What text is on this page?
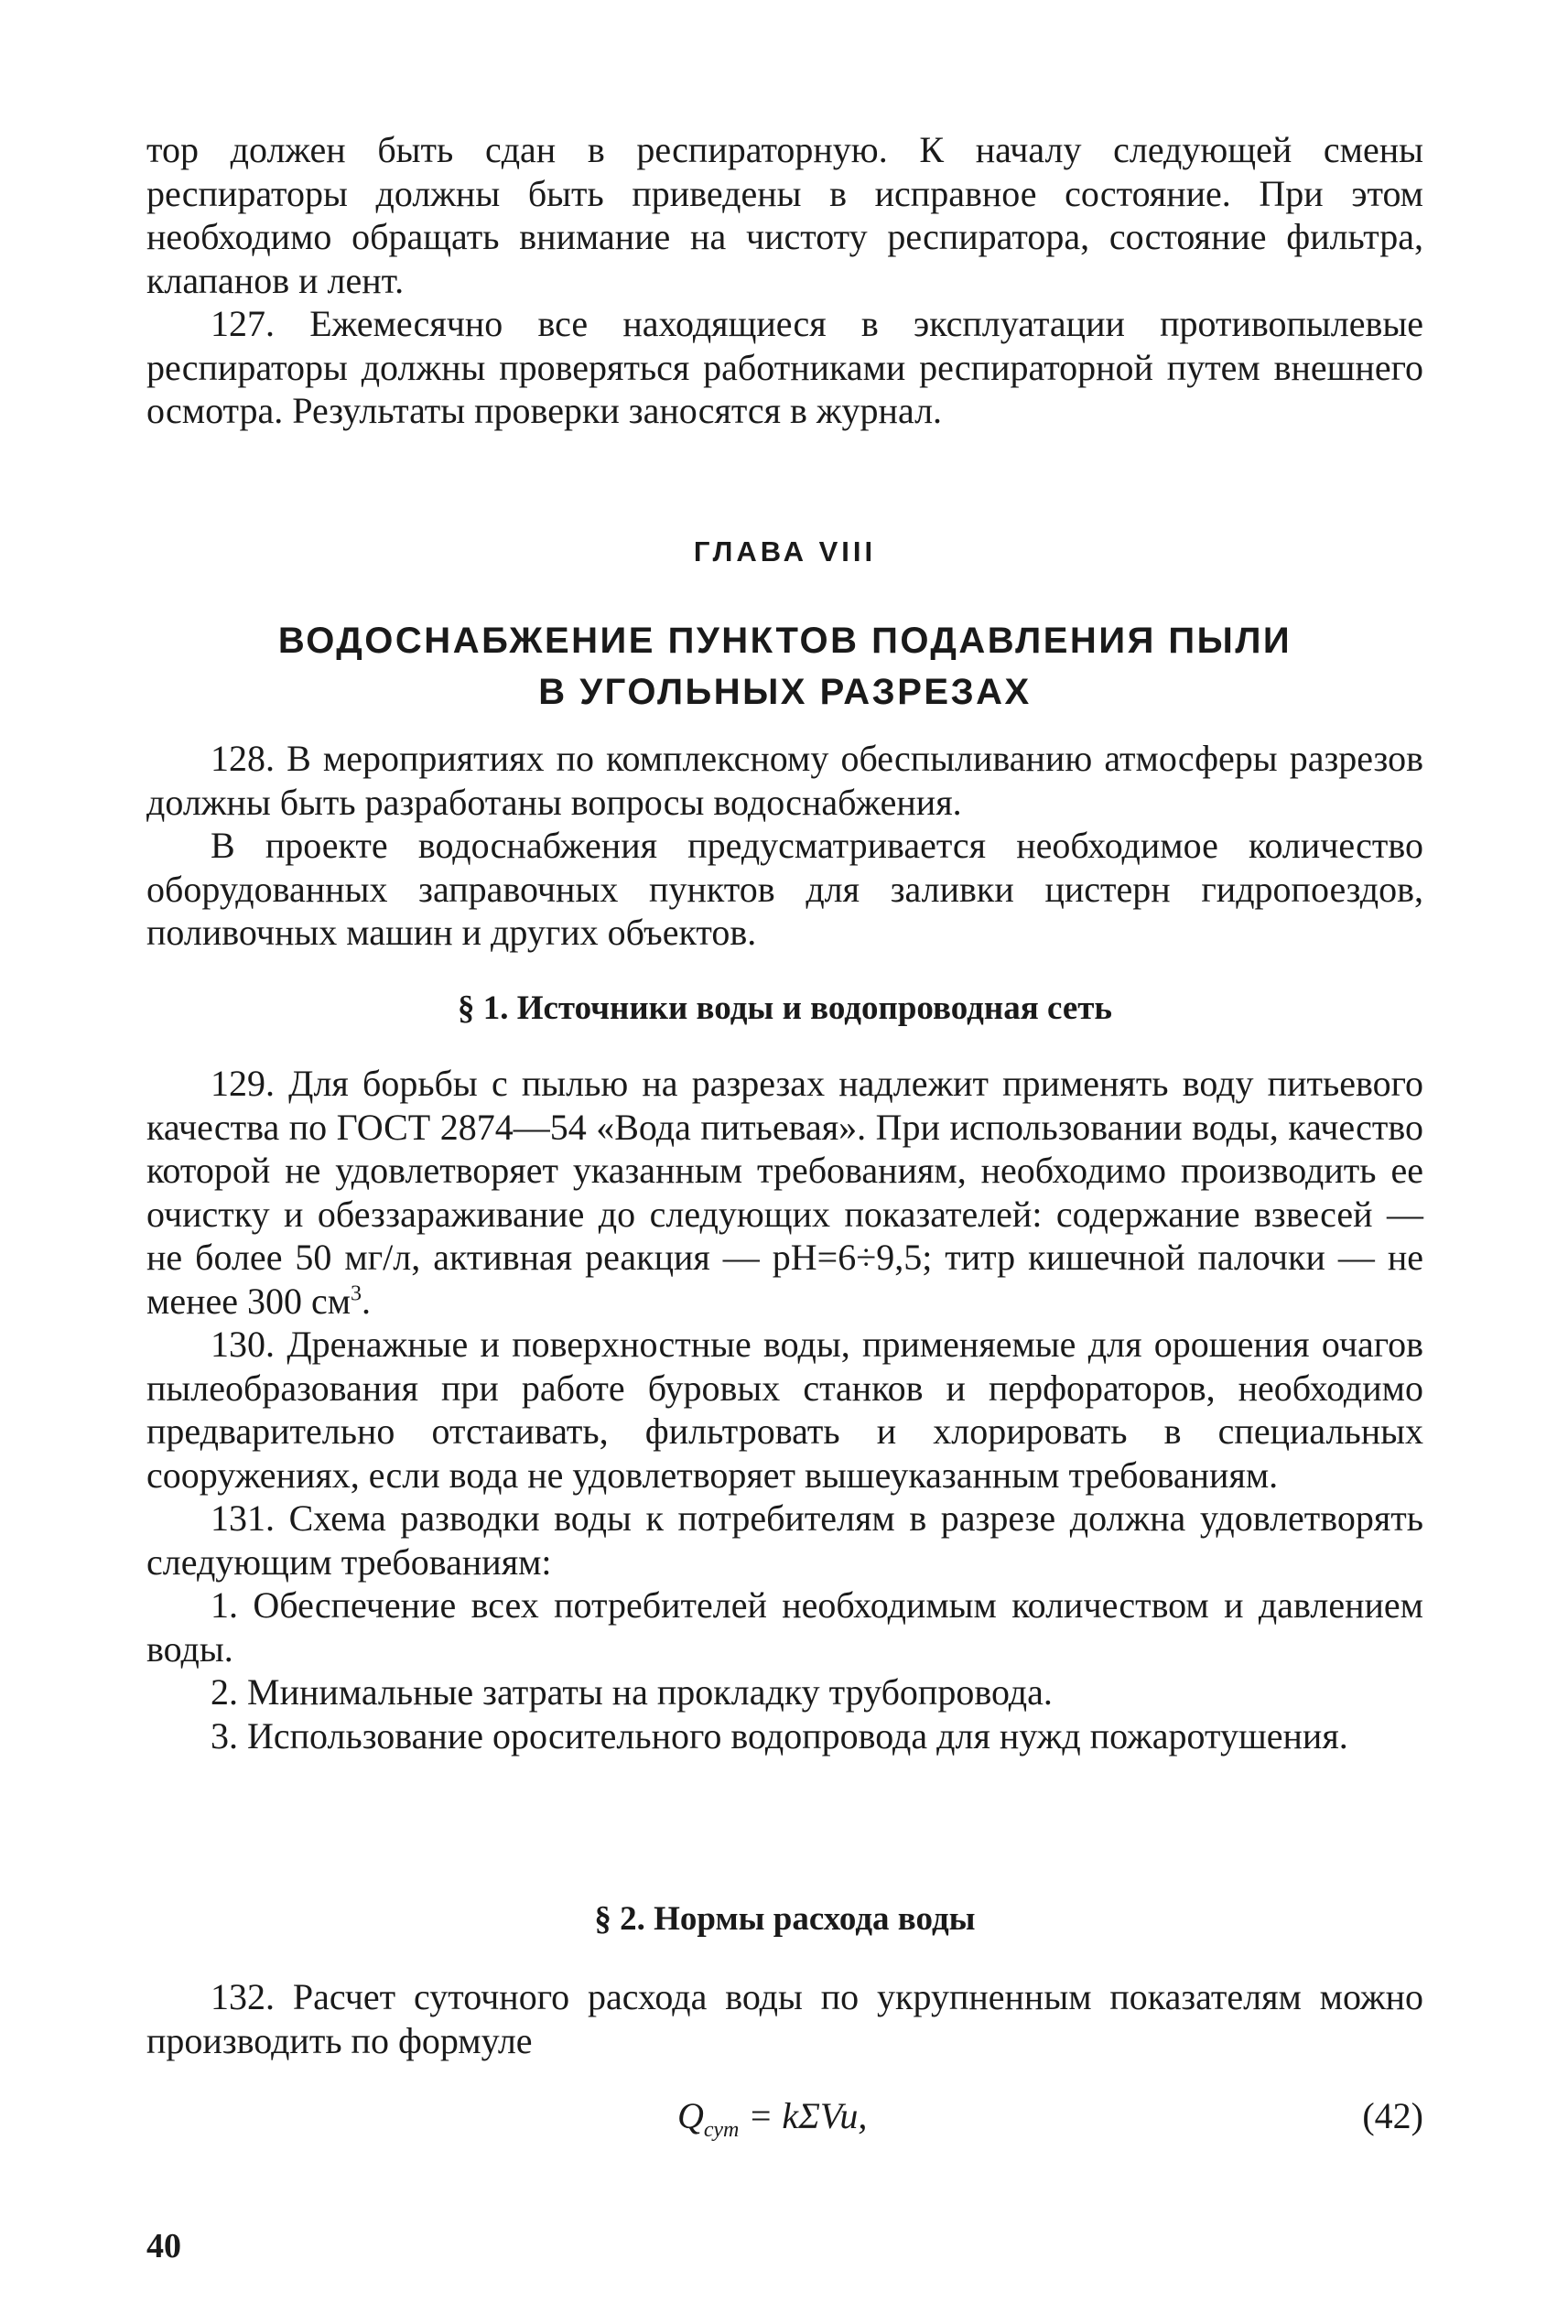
тор должен быть сдан в респираторную. К началу следующей смены респираторы должны быть приведены в исправное состояние. При этом необходимо обращать внимание на чистоту респиратора, состояние фильтра, клапанов и лент.

127. Ежемесячно все находящиеся в эксплуатации противопылевые респираторы должны проверяться работниками респираторной путем внешнего осмотра. Результаты проверки заносятся в журнал.

ГЛАВА VIII
ВОДОСНАБЖЕНИЕ ПУНКТОВ ПОДАВЛЕНИЯ ПЫЛИ
В УГОЛЬНЫХ РАЗРЕЗАХ

128. В мероприятиях по комплексному обеспыливанию атмосферы разрезов должны быть разработаны вопросы водоснабжения.

В проекте водоснабжения предусматривается необходимое количество оборудованных заправочных пунктов для заливки цистерн гидропоездов, поливочных машин и других объектов.

§ 1. Источники воды и водопроводная сеть

129. Для борьбы с пылью на разрезах надлежит применять воду питьевого качества по ГОСТ 2874—54 «Вода питьевая». При использовании воды, качество которой не удовлетворяет указанным требованиям, необходимо производить ее очистку и обеззараживание до следующих показателей: содержание взвесей — не более 50 мг/л, активная реакция — pH=6÷9,5; титр кишечной палочки — не менее 300 $см^3$.

130. Дренажные и поверхностные воды, применяемые для орошения очагов пылеобразования при работе буровых станков и перфораторов, необходимо предварительно отстаивать, фильтровать и хлорировать в специальных сооружениях, если вода не удовлетворяет вышеуказанным требованиям.

131. Схема разводки воды к потребителям в разрезе должна удовлетворять следующим требованиям:

1. Обеспечение всех потребителей необходимым количеством и давлением воды.

2. Минимальные затраты на прокладку трубопровода.

3. Использование оросительного водопровода для нужд пожаротушения.

§ 2. Нормы расхода воды

132. Расчет суточного расхода воды по укрупненным показателям можно производить по формуле

$Q_{сут} = k\Sigma Vu$,	(42)
40
